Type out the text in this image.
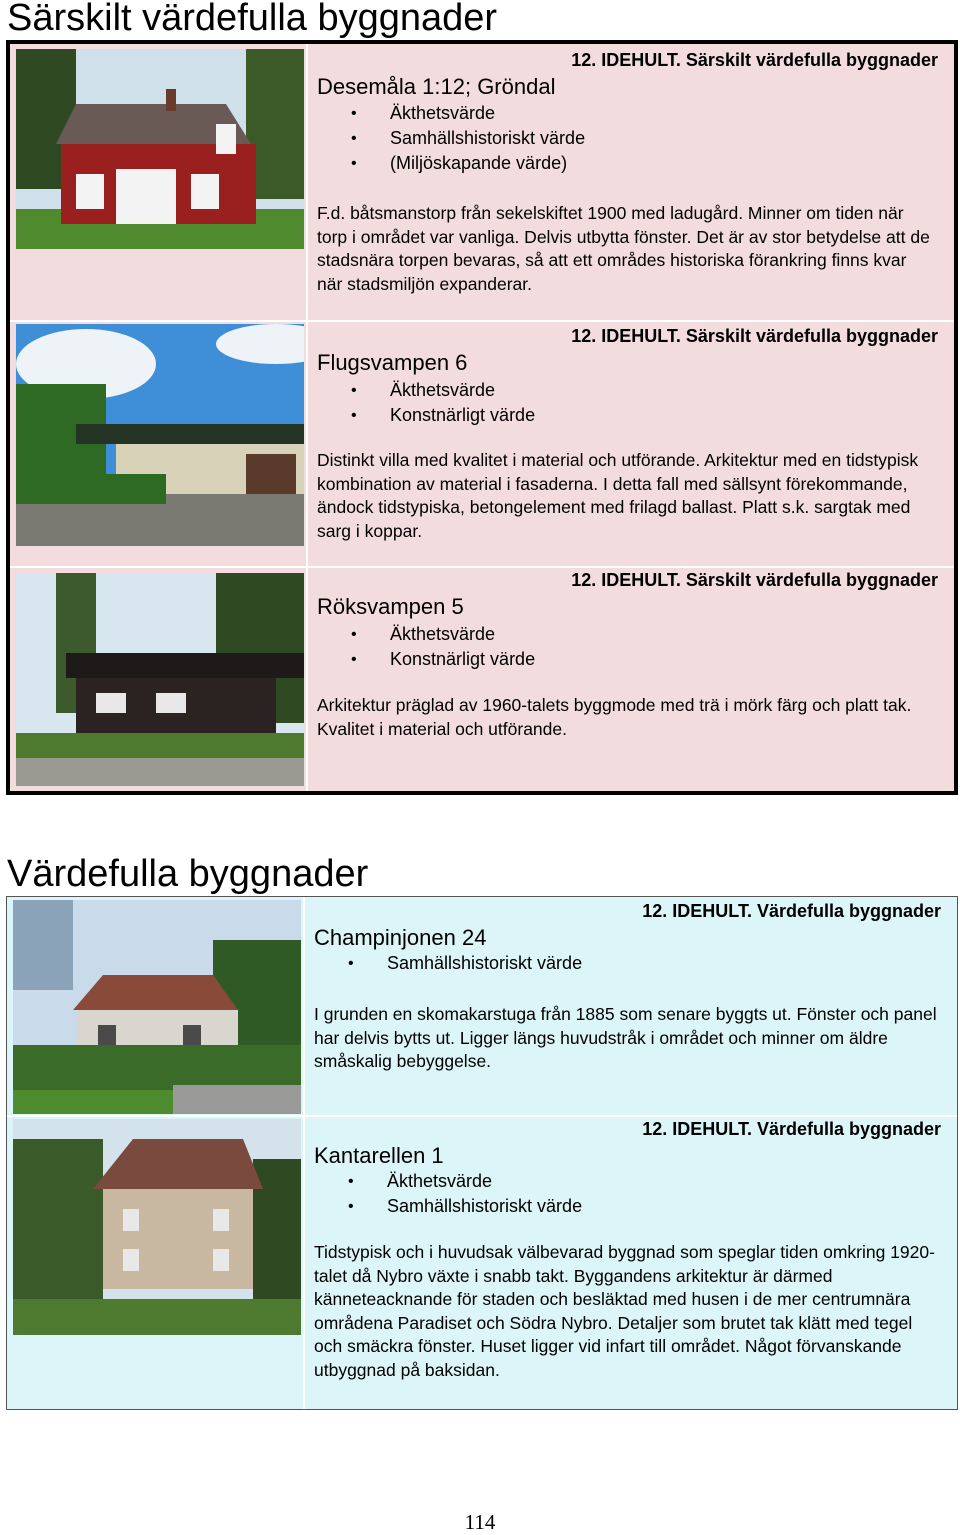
Särskilt värdefulla byggnader
12. IDEHULT. Särskilt värdefulla byggnader
Desemåla 1:12; Gröndal
• Äkthetsvärde
• Samhällshistoriskt värde
• (Miljöskapande värde)

F.d. båtsmanstorp från sekelskiftet 1900 med ladugård. Minner om tiden när torp i området var vanliga. Delvis utbytta fönster. Det är av stor betydelse att de stadsnära torpen bevaras, så att ett områdes historiska förankring finns kvar när stadsmiljön expanderar.

12. IDEHULT. Särskilt värdefulla byggnader
Flugsvampen 6
• Äkthetsvärde
• Konstnärligt värde

Distinkt villa med kvalitet i material och utförande. Arkitektur med en tidstypisk kombination av material i fasaderna. I detta fall med sällsynt förekommande, ändock tidstypiska, betongelement med frilagd ballast. Platt s.k. sargtak med sarg i koppar.

12. IDEHULT. Särskilt värdefulla byggnader
Röksvampen 5
• Äkthetsvärde
• Konstnärligt värde

Arkitektur präglad av 1960-talets byggmode med trä i mörk färg och platt tak. Kvalitet i material och utförande.

Värdefulla byggnader
12. IDEHULT. Värdefulla byggnader
Champinjonen 24
• Samhällshistoriskt värde

I grunden en skomakarstuga från 1885 som senare byggts ut. Fönster och panel har delvis bytts ut. Ligger längs huvudstråk i området och minner om äldre småskalig bebyggelse.

12. IDEHULT. Värdefulla byggnader
Kantarellen 1
• Äkthetsvärde
• Samhällshistoriskt värde

Tidstypisk och i huvudsak välbevarad byggnad som speglar tiden omkring 1920-talet då Nybro växte i snabb takt. Byggandens arkitektur är därmed känneteacknande för staden och besläktad med husen i de mer centrumnära områdena Paradiset och Södra Nybro. Detaljer som brutet tak klätt med tegel och smäckra fönster. Huset ligger vid infart till området. Något förvanskande utbyggnad på baksidan.

114
